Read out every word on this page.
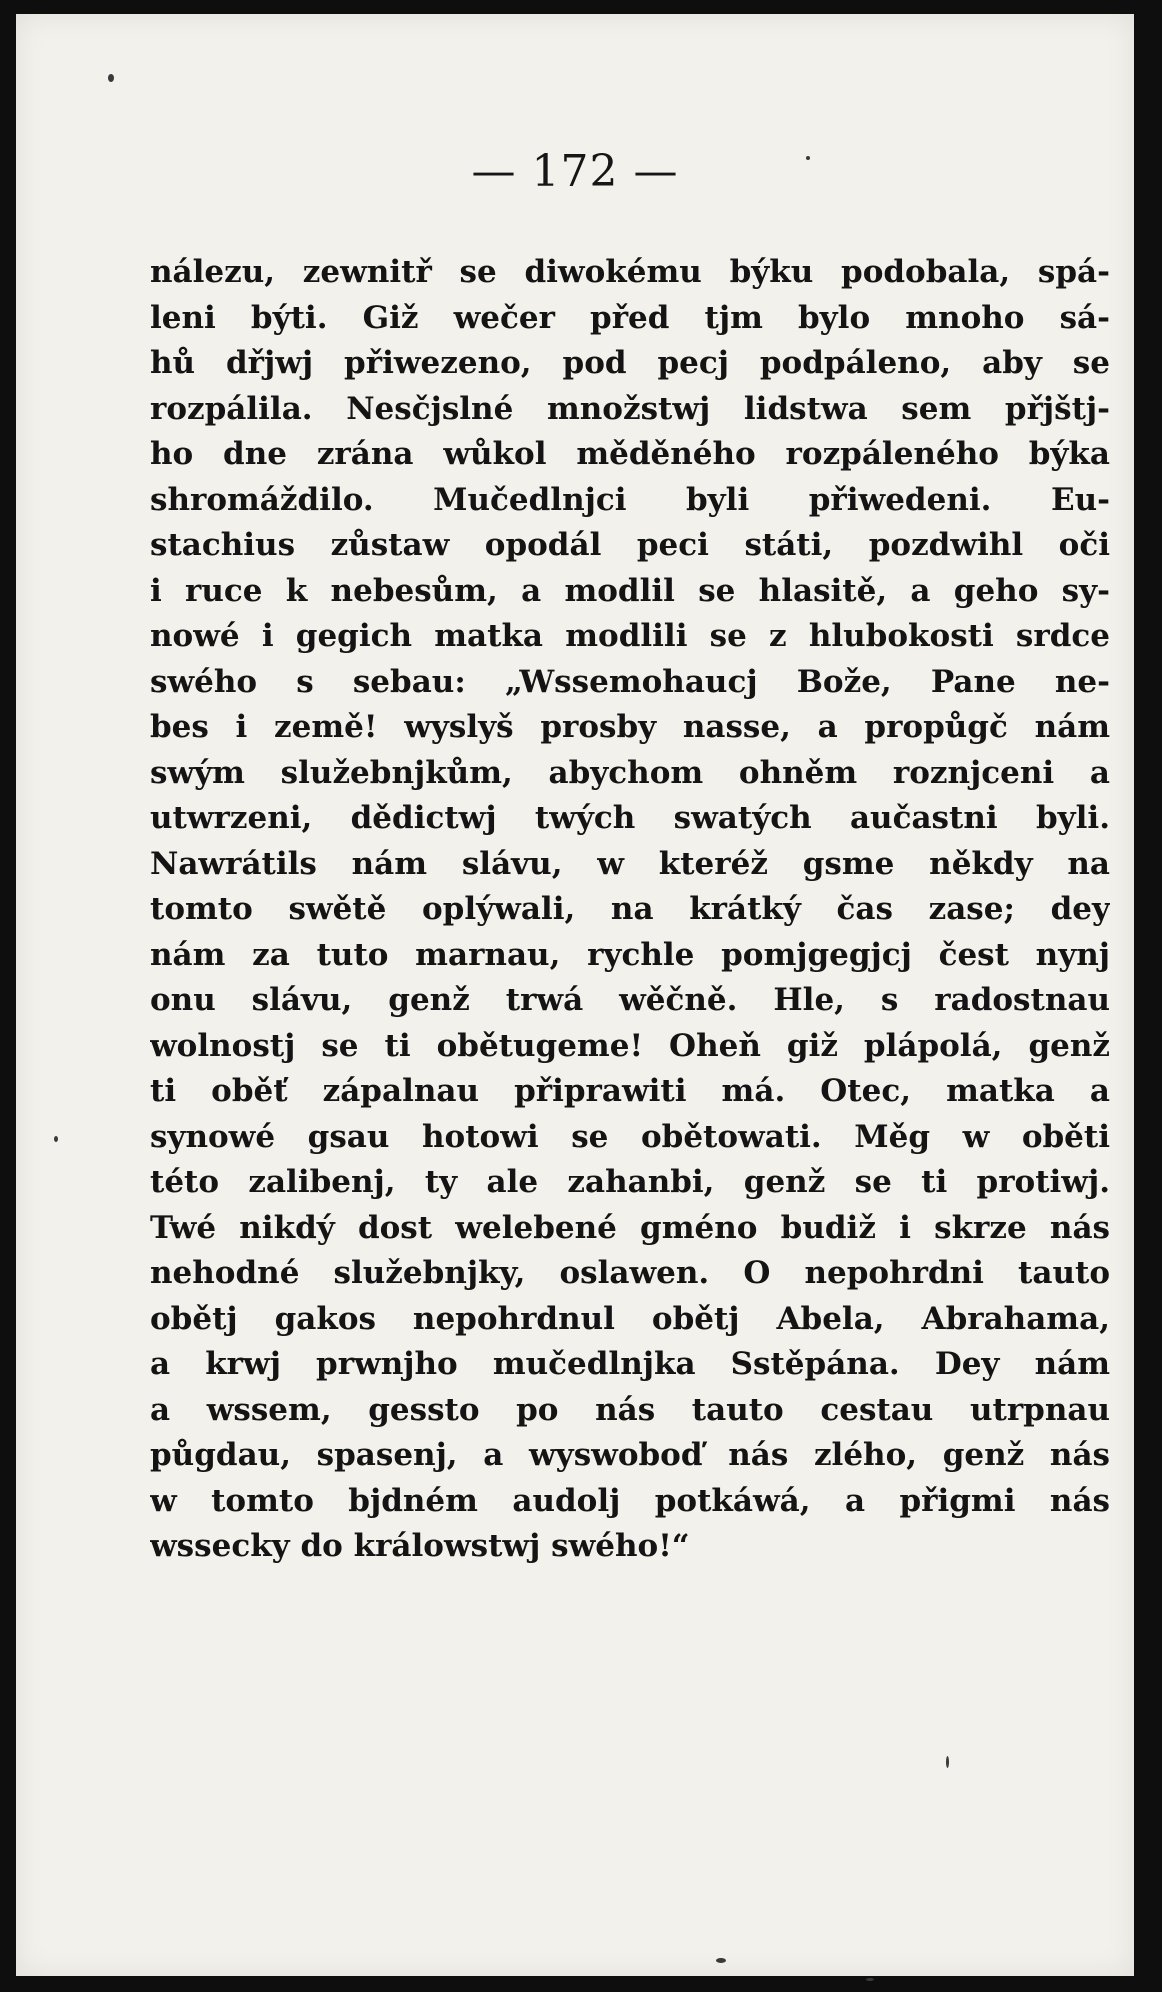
— 172 —
nálezu, zewnitř se diwokému býku podobala, spá-
leni býti. Giž wečer před tjm bylo mnoho sá-
hů dřjwj přiwezeno, pod pecj podpáleno, aby se
rozpálila. Nesčjslné množstwj lidstwa sem přjštj-
ho dne zrána wůkol měděného rozpáleného býka
shromáždilo. Mučedlnjci byli přiwedeni. Eu-
stachius zůstaw opodál peci státi, pozdwihl oči
i ruce k nebesům, a modlil se hlasitě, a geho sy-
nowé i gegich matka modlili se z hlubokosti srdce
swého s sebau: „Wssemohaucj Bože, Pane ne-
bes i země! wyslyš prosby nasse, a propůgč nám
swým služebnjkům, abychom ohněm roznjceni a
utwrzeni, dědictwj twých swatých aučastni byli.
Nawrátils nám slávu, w kteréž gsme někdy na
tomto swětě oplýwali, na krátký čas zase; dey
nám za tuto marnau, rychle pomjgegjcj čest nynj
onu slávu, genž trwá wěčně. Hle, s radostnau
wolnostj se ti obětugeme! Oheň giž plápolá, genž
ti oběť zápalnau připrawiti má. Otec, matka a
synowé gsau hotowi se obětowati. Měg w oběti
této zalibenj, ty ale zahanbi, genž se ti protiwj.
Twé nikdý dost welebené gméno budiž i skrze nás
nehodné služebnjky, oslawen. O nepohrdni tauto
obětj gakos nepohrdnul obětj Abela, Abrahama,
a krwj prwnjho mučedlnjka Sstěpána. Dey nám
a wssem, gessto po nás tauto cestau utrpnau
půgdau, spasenj, a wyswoboď nás zlého, genž nás
w tomto bjdném audolj potkáwá, a přigmi nás
wssecky do králowstwj swého!“
